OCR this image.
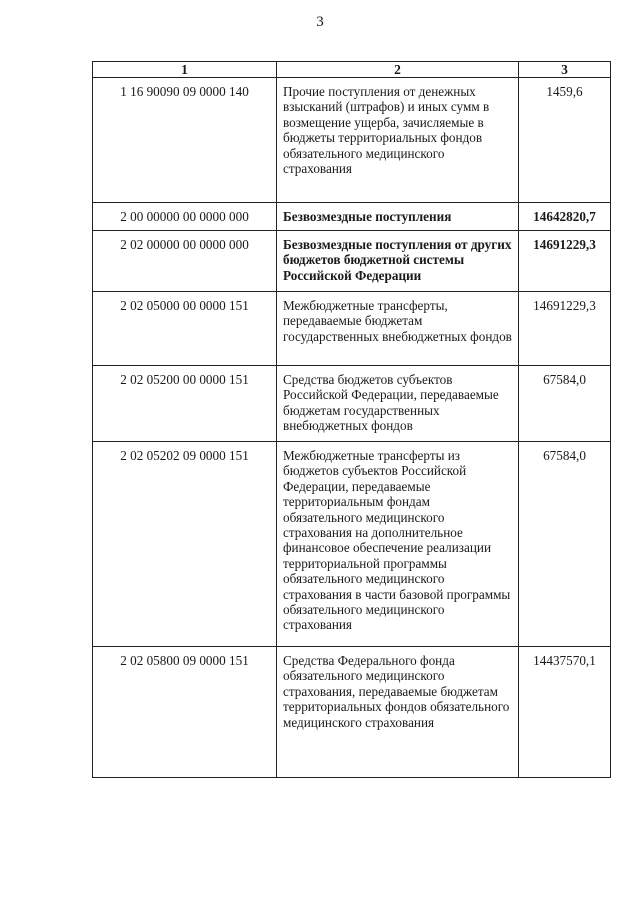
3
1	2	3
1 16 90090 09 0000 140	Прочие поступления от денежных взысканий (штрафов) и иных сумм в возмещение ущерба, зачисляемые в бюджеты территориальных фондов обязательного медицинского страхования	1459,6
2 00 00000 00 0000 000	Безвозмездные поступления	14642820,7
2 02 00000 00 0000 000	Безвозмездные поступления от других бюджетов бюджетной системы Российской Федерации	14691229,3
2 02 05000 00 0000 151	Межбюджетные трансферты, передаваемые бюджетам государственных внебюджетных фондов	14691229,3
2 02 05200 00 0000 151	Средства бюджетов субъектов Российской Федерации, передаваемые бюджетам государственных внебюджетных фондов	67584,0
2 02 05202 09 0000 151	Межбюджетные трансферты из бюджетов субъектов Российской Федерации, передаваемые территориальным фондам обязательного медицинского страхования на дополнительное финансовое обеспечение реализации территориальной программы обязательного медицинского страхования в части базовой программы обязательного медицинского страхования	67584,0
2 02 05800 09 0000 151	Средства Федерального фонда обязательного медицинского страхования, передаваемые бюджетам территориальных фондов обязательного медицинского страхования	14437570,1
